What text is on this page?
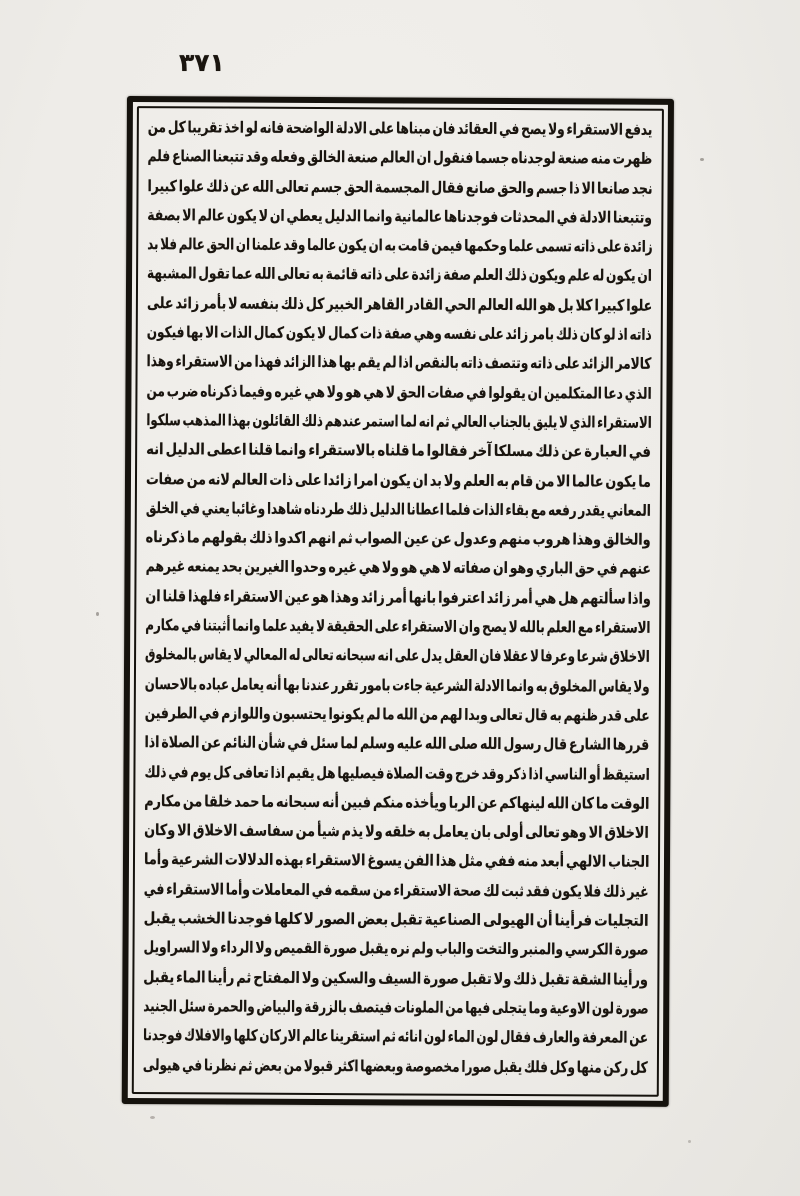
٣٧١
يدفع الاستقراء ولا يصح في العقائد فان مبناها على الادلة الواضحة فانه لو اخذ تقريبا كل من
ظهرت منه صنعة لوجدناه جسما فنقول ان العالم صنعة الخالق وفعله وقد تتبعنا الصناع فلم
نجد صانعا الا ذا جسم والحق صانع فقال المجسمة الحق جسم تعالى الله عن ذلك علوا كبيرا
وتتبعنا الادلة في المحدثات فوجدناها عالمانية وانما الدليل يعطي ان لا يكون عالم الا بصفة
زائدة على ذاته تسمى علما وحكمها فيمن قامت به ان يكون عالما وقد علمنا ان الحق عالم فلا بد
ان يكون له علم ويكون ذلك العلم صفة زائدة على ذاته قائمة به تعالى الله عما تقول المشبهة
علوا كبيرا كلا بل هو الله العالم الحي القادر القاهر الخبير كل ذلك بنفسه لا بأمر زائد على
ذاته اذ لو كان ذلك بامر زائد على نفسه وهي صفة ذات كمال لا يكون كمال الذات الا بها فيكون
كالامر الزائد على ذاته وتتصف ذاته بالنقص اذا لم يقم بها هذا الزائد فهذا من الاستقراء وهذا
الذي دعا المتكلمين ان يقولوا في صفات الحق لا هي هو ولا هي غيره وفيما ذكرناه ضرب من
الاستقراء الذي لا يليق بالجناب العالي ثم انه لما استمر عندهم ذلك القائلون بهذا المذهب سلكوا
في العبارة عن ذلك مسلكا آخر فقالوا ما قلناه بالاستقراء وانما قلنا اعطى الدليل انه
ما يكون عالما الا من قام به العلم ولا بد ان يكون امرا زائدا على ذات العالم لانه من صفات
المعاني يقدر رفعه مع بقاء الذات فلما اعطانا الدليل ذلك طردناه شاهدا وغائبا يعني في الخلق
والخالق وهذا هروب منهم وعدول عن عين الصواب ثم انهم اكدوا ذلك بقولهم ما ذكرناه
عنهم في حق الباري وهو ان صفاته لا هي هو ولا هي غيره وحدوا الغيرين بحد يمنعه غيرهم
واذا سألتهم هل هي أمر زائد اعترفوا بانها أمر زائد وهذا هو عين الاستقراء فلهذا قلنا ان
الاستقراء مع العلم بالله لا يصح وان الاستقراء على الحقيقة لا يفيد علما وانما أثبتنا في مكارم
الاخلاق شرعا وعرفا لا عقلا فان العقل يدل على انه سبحانه تعالى له المعالي لا يقاس بالمخلوق
ولا يقاس المخلوق به وانما الادلة الشرعية جاءت بامور تقرر عندنا بها أنه يعامل عباده بالاحسان
على قدر ظنهم به قال تعالى وبدا لهم من الله ما لم يكونوا يحتسبون واللوازم في الطرفين
قررها الشارع قال رسول الله صلى الله عليه وسلم لما سئل في شأن النائم عن الصلاة اذا
استيقظ أو الناسي اذا ذكر وقد خرج وقت الصلاة فيصليها هل يقيم اذا تعافى كل يوم في ذلك
الوقت ما كان الله لينهاكم عن الربا ويأخذه منكم فبين أنه سبحانه ما حمد خلقا من مكارم
الاخلاق الا وهو تعالى أولى بان يعامل به خلقه ولا يذم شيأ من سفاسف الاخلاق الا وكان
الجناب الالهي أبعد منه ففي مثل هذا الفن يسوغ الاستقراء بهذه الدلالات الشرعية وأما
غير ذلك فلا يكون فقد ثبت لك صحة الاستقراء من سقمه في المعاملات وأما الاستقراء في
التجليات فرأينا أن الهيولى الصناعية تقبل بعض الصور لا كلها فوجدنا الخشب يقبل
صورة الكرسي والمنبر والتخت والباب ولم نره يقبل صورة القميص ولا الرداء ولا السراويل
ورأينا الشقة تقبل ذلك ولا تقبل صورة السيف والسكين ولا المفتاح ثم رأينا الماء يقبل
صورة لون الاوعية وما يتجلى فيها من الملونات فيتصف بالزرقة والبياض والحمرة سئل الجنيد
عن المعرفة والعارف فقال لون الماء لون انائه ثم استقرينا عالم الاركان كلها والافلاك فوجدنا
كل ركن منها وكل فلك يقبل صورا مخصوصة وبعضها اكثر قبولا من بعض ثم نظرنا في هيولى
